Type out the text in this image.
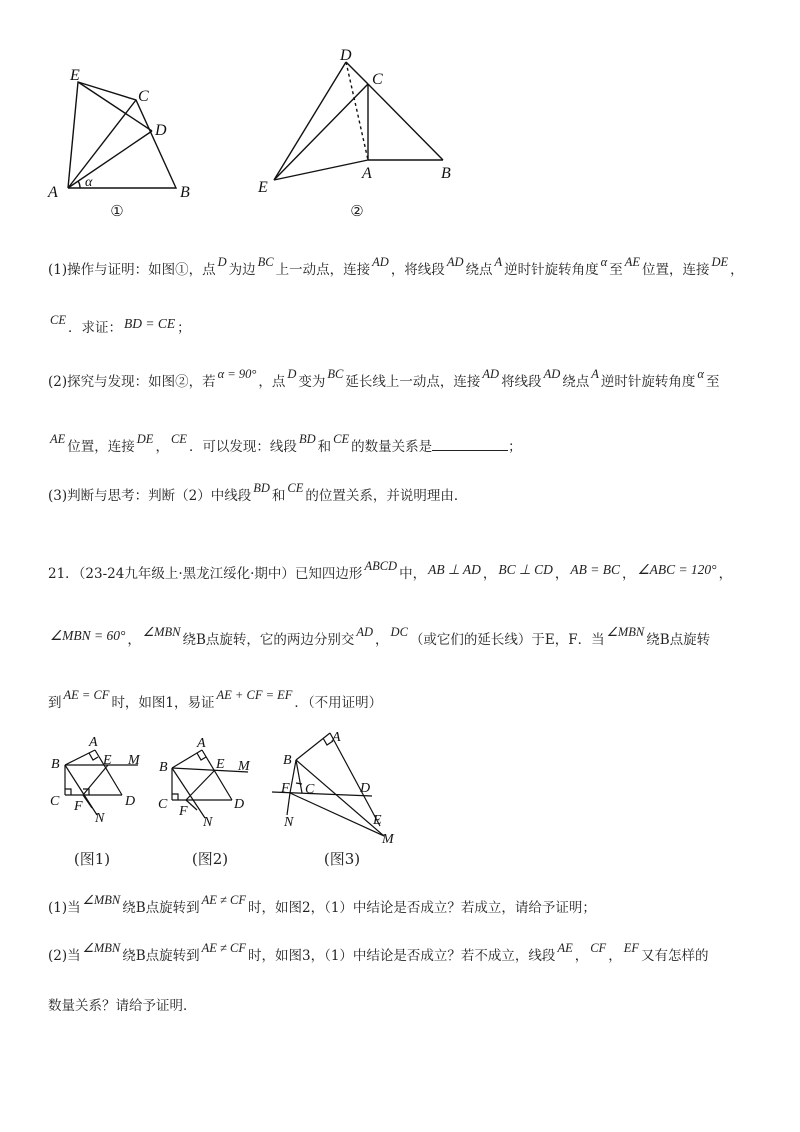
E
C
D
A	B
α
①
D
C
A	B
E
②
(1)操作与证明：如图①，点 D 为边 BC 上一动点，连接 AD ，将线段 AD 绕点 A 逆时针旋转角度 α 至 AE 位置，连接 DE ，
CE ．求证： BD = CE ；
(2)探究与发现：如图②，若 α = 90° ，点 D 变为 BC 延长线上一动点，连接 AD 将线段 AD 绕点 A 逆时针旋转角度 α 至
AE 位置，连接 DE ， CE ．可以发现：线段 BD 和 CE 的数量关系是	；
(3)判断与思考：判断（2）中线段 BD 和 CE 的位置关系，并说明理由．
21．（23-24九年级上·黑龙江绥化·期中）已知四边形 ABCD 中， AB ⊥ AD ， BC ⊥ CD ， AB = BC ， ∠ABC = 120° ，
∠MBN = 60° ， ∠MBN 绕B点旋转，它的两边分别交 AD ， DC （或它们的延长线）于E，F．当 ∠MBN 绕B点旋转
到 AE = CF 时，如图1，易证 AE + CF = EF ．（不用证明）
A
B	E M
C F	D
N
(图1)
A
B	E M
C F	D
N
(图2)
A
B
F C	D
N	E
M
(图3)
(1)当 ∠MBN 绕B点旋转到 AE ≠ CF 时，如图2，（1）中结论是否成立？若成立，请给予证明；
(2)当 ∠MBN 绕B点旋转到 AE ≠ CF 时，如图3，（1）中结论是否成立？若不成立，线段 AE ， CF ， EF 又有怎样的
数量关系？请给予证明．
